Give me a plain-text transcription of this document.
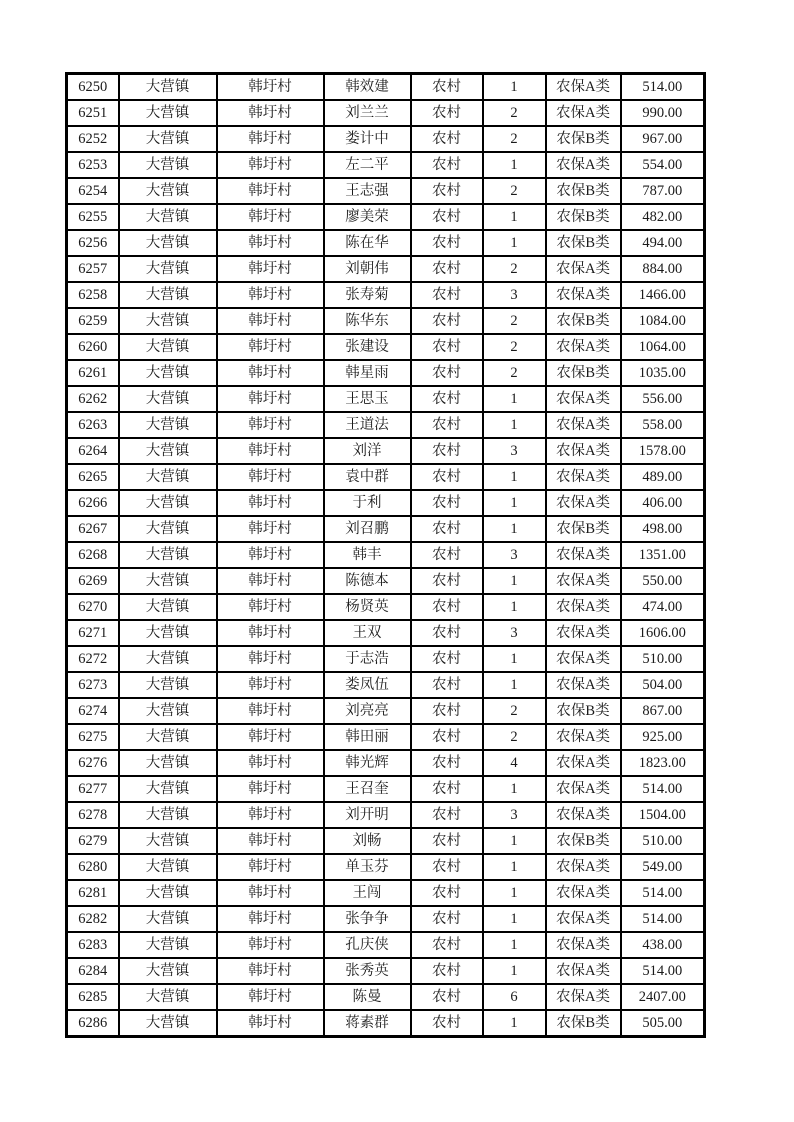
6250	大营镇	韩圩村	韩效建	农村	1	农保A类	514.00
6251	大营镇	韩圩村	刘兰兰	农村	2	农保A类	990.00
6252	大营镇	韩圩村	娄计中	农村	2	农保B类	967.00
6253	大营镇	韩圩村	左二平	农村	1	农保A类	554.00
6254	大营镇	韩圩村	王志强	农村	2	农保B类	787.00
6255	大营镇	韩圩村	廖美荣	农村	1	农保B类	482.00
6256	大营镇	韩圩村	陈在华	农村	1	农保B类	494.00
6257	大营镇	韩圩村	刘朝伟	农村	2	农保A类	884.00
6258	大营镇	韩圩村	张寿菊	农村	3	农保A类	1466.00
6259	大营镇	韩圩村	陈华东	农村	2	农保B类	1084.00
6260	大营镇	韩圩村	张建设	农村	2	农保A类	1064.00
6261	大营镇	韩圩村	韩星雨	农村	2	农保B类	1035.00
6262	大营镇	韩圩村	王思玉	农村	1	农保A类	556.00
6263	大营镇	韩圩村	王道法	农村	1	农保A类	558.00
6264	大营镇	韩圩村	刘洋	农村	3	农保A类	1578.00
6265	大营镇	韩圩村	袁中群	农村	1	农保A类	489.00
6266	大营镇	韩圩村	于利	农村	1	农保A类	406.00
6267	大营镇	韩圩村	刘召鹏	农村	1	农保B类	498.00
6268	大营镇	韩圩村	韩丰	农村	3	农保A类	1351.00
6269	大营镇	韩圩村	陈德本	农村	1	农保A类	550.00
6270	大营镇	韩圩村	杨贤英	农村	1	农保A类	474.00
6271	大营镇	韩圩村	王双	农村	3	农保A类	1606.00
6272	大营镇	韩圩村	于志浩	农村	1	农保A类	510.00
6273	大营镇	韩圩村	娄凤伍	农村	1	农保A类	504.00
6274	大营镇	韩圩村	刘亮亮	农村	2	农保B类	867.00
6275	大营镇	韩圩村	韩田丽	农村	2	农保A类	925.00
6276	大营镇	韩圩村	韩光辉	农村	4	农保A类	1823.00
6277	大营镇	韩圩村	王召奎	农村	1	农保A类	514.00
6278	大营镇	韩圩村	刘开明	农村	3	农保A类	1504.00
6279	大营镇	韩圩村	刘畅	农村	1	农保B类	510.00
6280	大营镇	韩圩村	单玉芬	农村	1	农保A类	549.00
6281	大营镇	韩圩村	王闯	农村	1	农保A类	514.00
6282	大营镇	韩圩村	张争争	农村	1	农保A类	514.00
6283	大营镇	韩圩村	孔庆侠	农村	1	农保A类	438.00
6284	大营镇	韩圩村	张秀英	农村	1	农保A类	514.00
6285	大营镇	韩圩村	陈曼	农村	6	农保A类	2407.00
6286	大营镇	韩圩村	蒋素群	农村	1	农保B类	505.00
